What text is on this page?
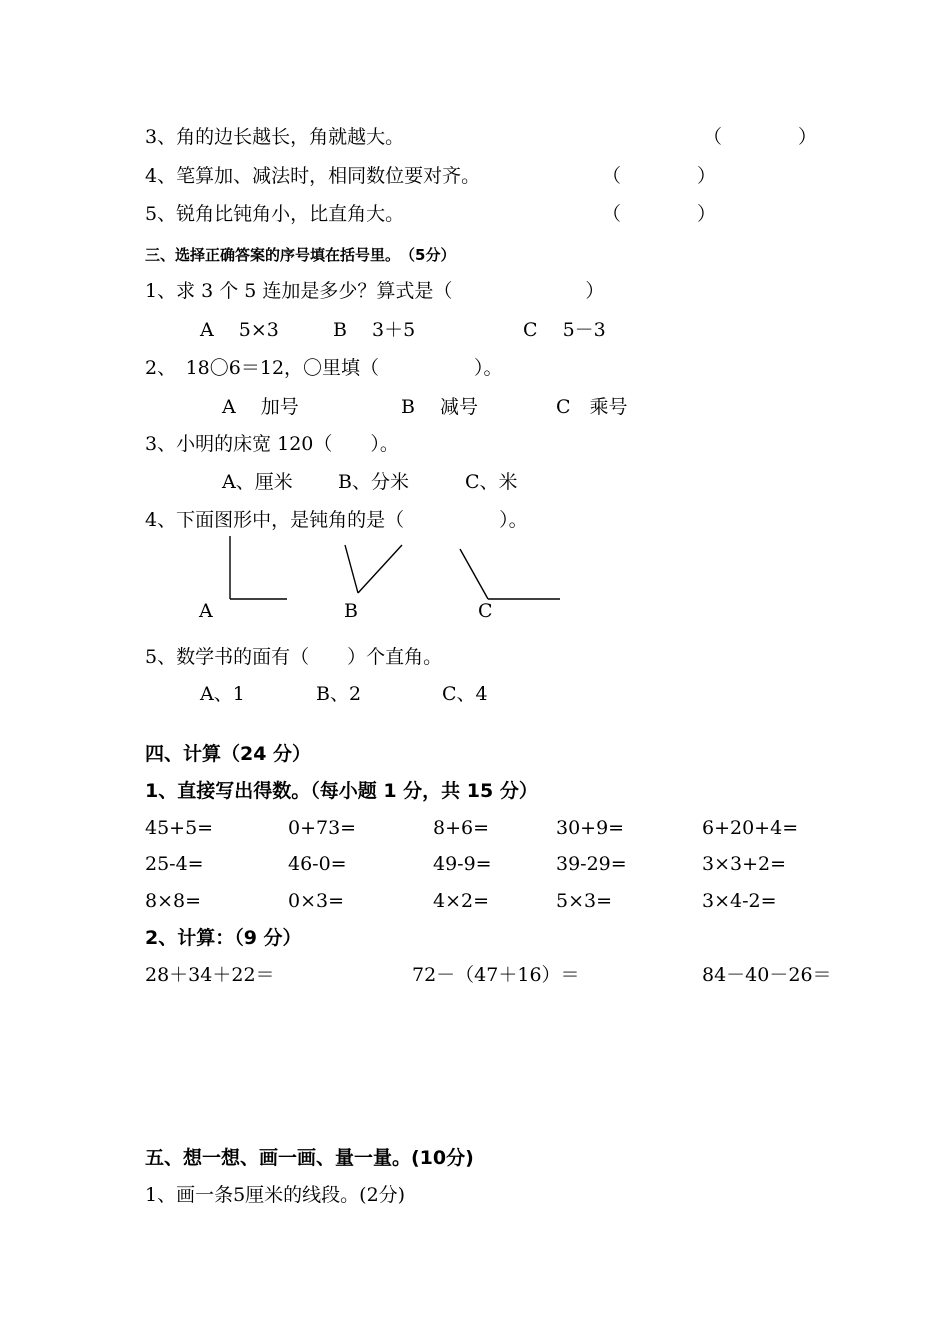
3、角的边长越长，角就越大。	（　　　　）
4、笔算加、减法时，相同数位要对齐。	（　　　　）
5、锐角比钝角小，比直角大。	（　　　　）
三、选择正确答案的序号填在括号里。　（5分）
1、求 3 个 5 连加是多少？算式是（　　　　　　　）
A　 5×3	B　 3＋5	C　 5－3
2、　18〇6＝12，〇里填（　　　　　）。
A　 加号	B　 减号	C　乘号
3、小明的床宽 120（　　）。
A、厘米 B、分米	C、米
4、下面图形中，是钝角的是（　　　　　）。
A	B	C
5、数学书的面有（　　）个直角。
A、1	B、2	C、4
四、计算（24 分）
1、直接写出得数。（每小题 1 分，共 15 分）
45+5=	0+73=	8+6=	30+9=	6+20+4=
25-4=	46-0=	49-9=	39-29=	3×3+2=
8×8=	0×3=	4×2=	5×3=	3×4-2=
2、计算：（9 分）
28＋34＋22＝	72－（47＋16）＝	84－40－26＝
五、想一想、画一画、量一量。(10分)
1、画一条5厘米的线段。(2分)
